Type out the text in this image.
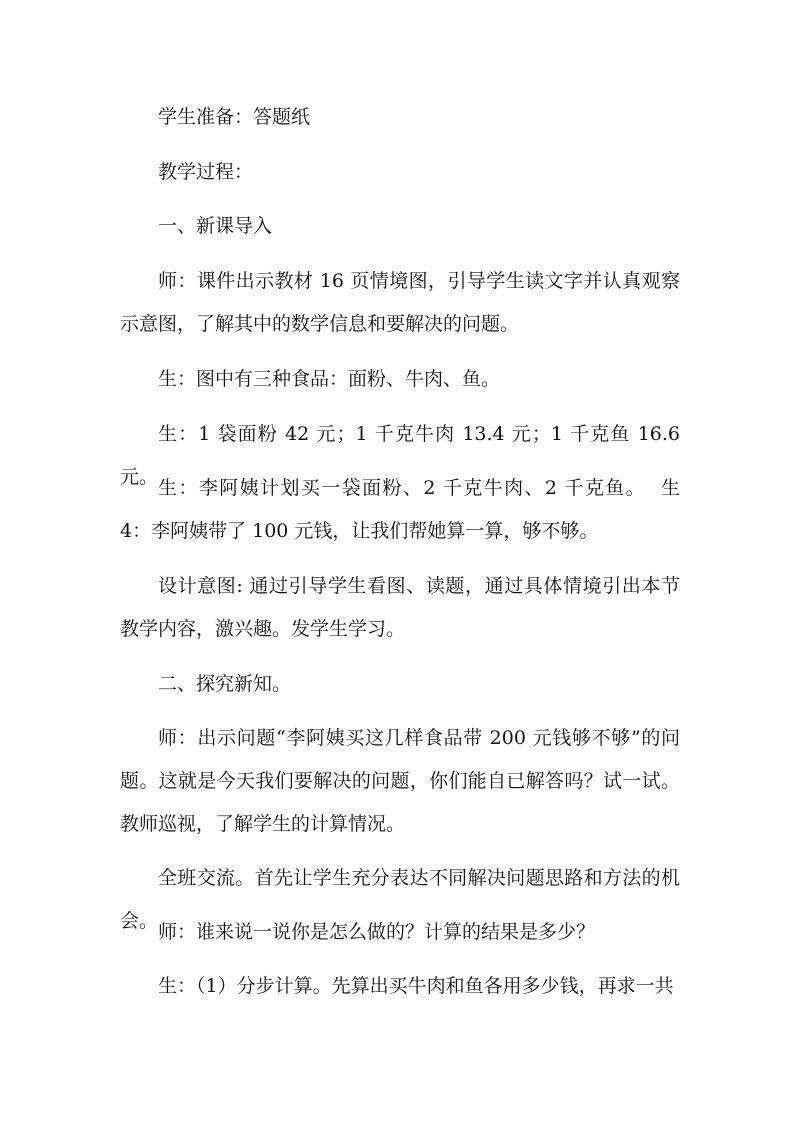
学生准备：答题纸
教学过程：
一、新课导入
师：课件出示教材 16 页情境图，引导学生读文字并认真观察示意图，了解其中的数学信息和要解决的问题。
生：图中有三种食品：面粉、牛肉、鱼。
生：1 袋面粉 42 元；1 千克牛肉 13.4 元；1 千克鱼 16.6 元。 生：李阿姨计划买一袋面粉、2 千克牛肉、2 千克鱼。  生 4：李阿姨带了 100 元钱，让我们帮她算一算，够不够。
设计意图: 通过引导学生看图、读题，通过具体情境引出本节教学内容，激兴趣。发学生学习。
二、探究新知。
师：出示问题“李阿姨买这几样食品带 200 元钱够不够”的问题。这就是今天我们要解决的问题，你们能自已解答吗？试一试。    教师巡视，了解学生的计算情况。
全班交流。首先让学生充分表达不同解决问题思路和方法的机会。 师：谁来说一说你是怎么做的？计算的结果是多少？
生：（1）分步计算。先算出买牛肉和鱼各用多少钱，再求一共
